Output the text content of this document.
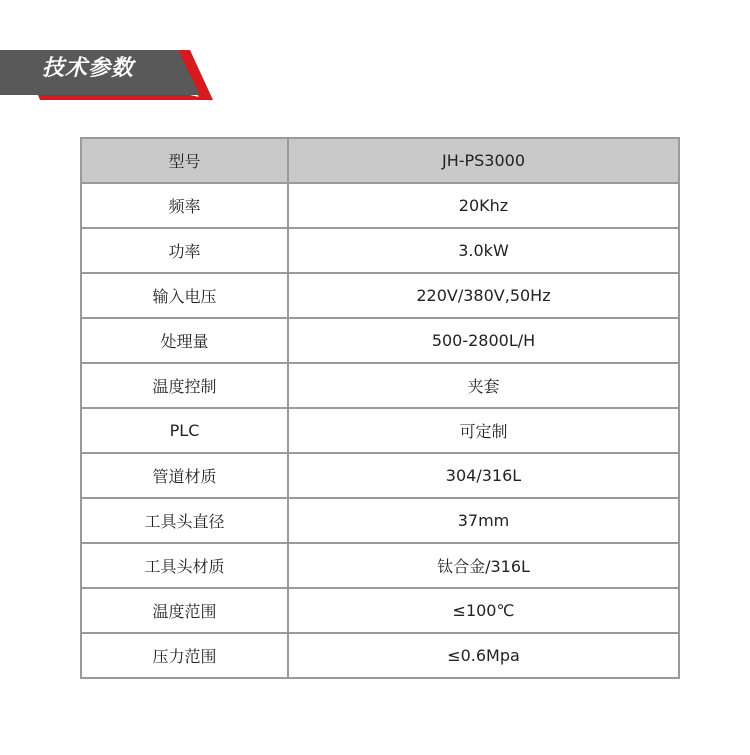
技术参数
型号	JH-PS3000
频率	20Khz
功率	3.0kW
输入电压	220V/380V,50Hz
处理量	500-2800L/H
温度控制	夹套
PLC	可定制
管道材质	304/316L
工具头直径	37mm
工具头材质	钛合金/316L
温度范围	≤100℃
压力范围	≤0.6Mpa
